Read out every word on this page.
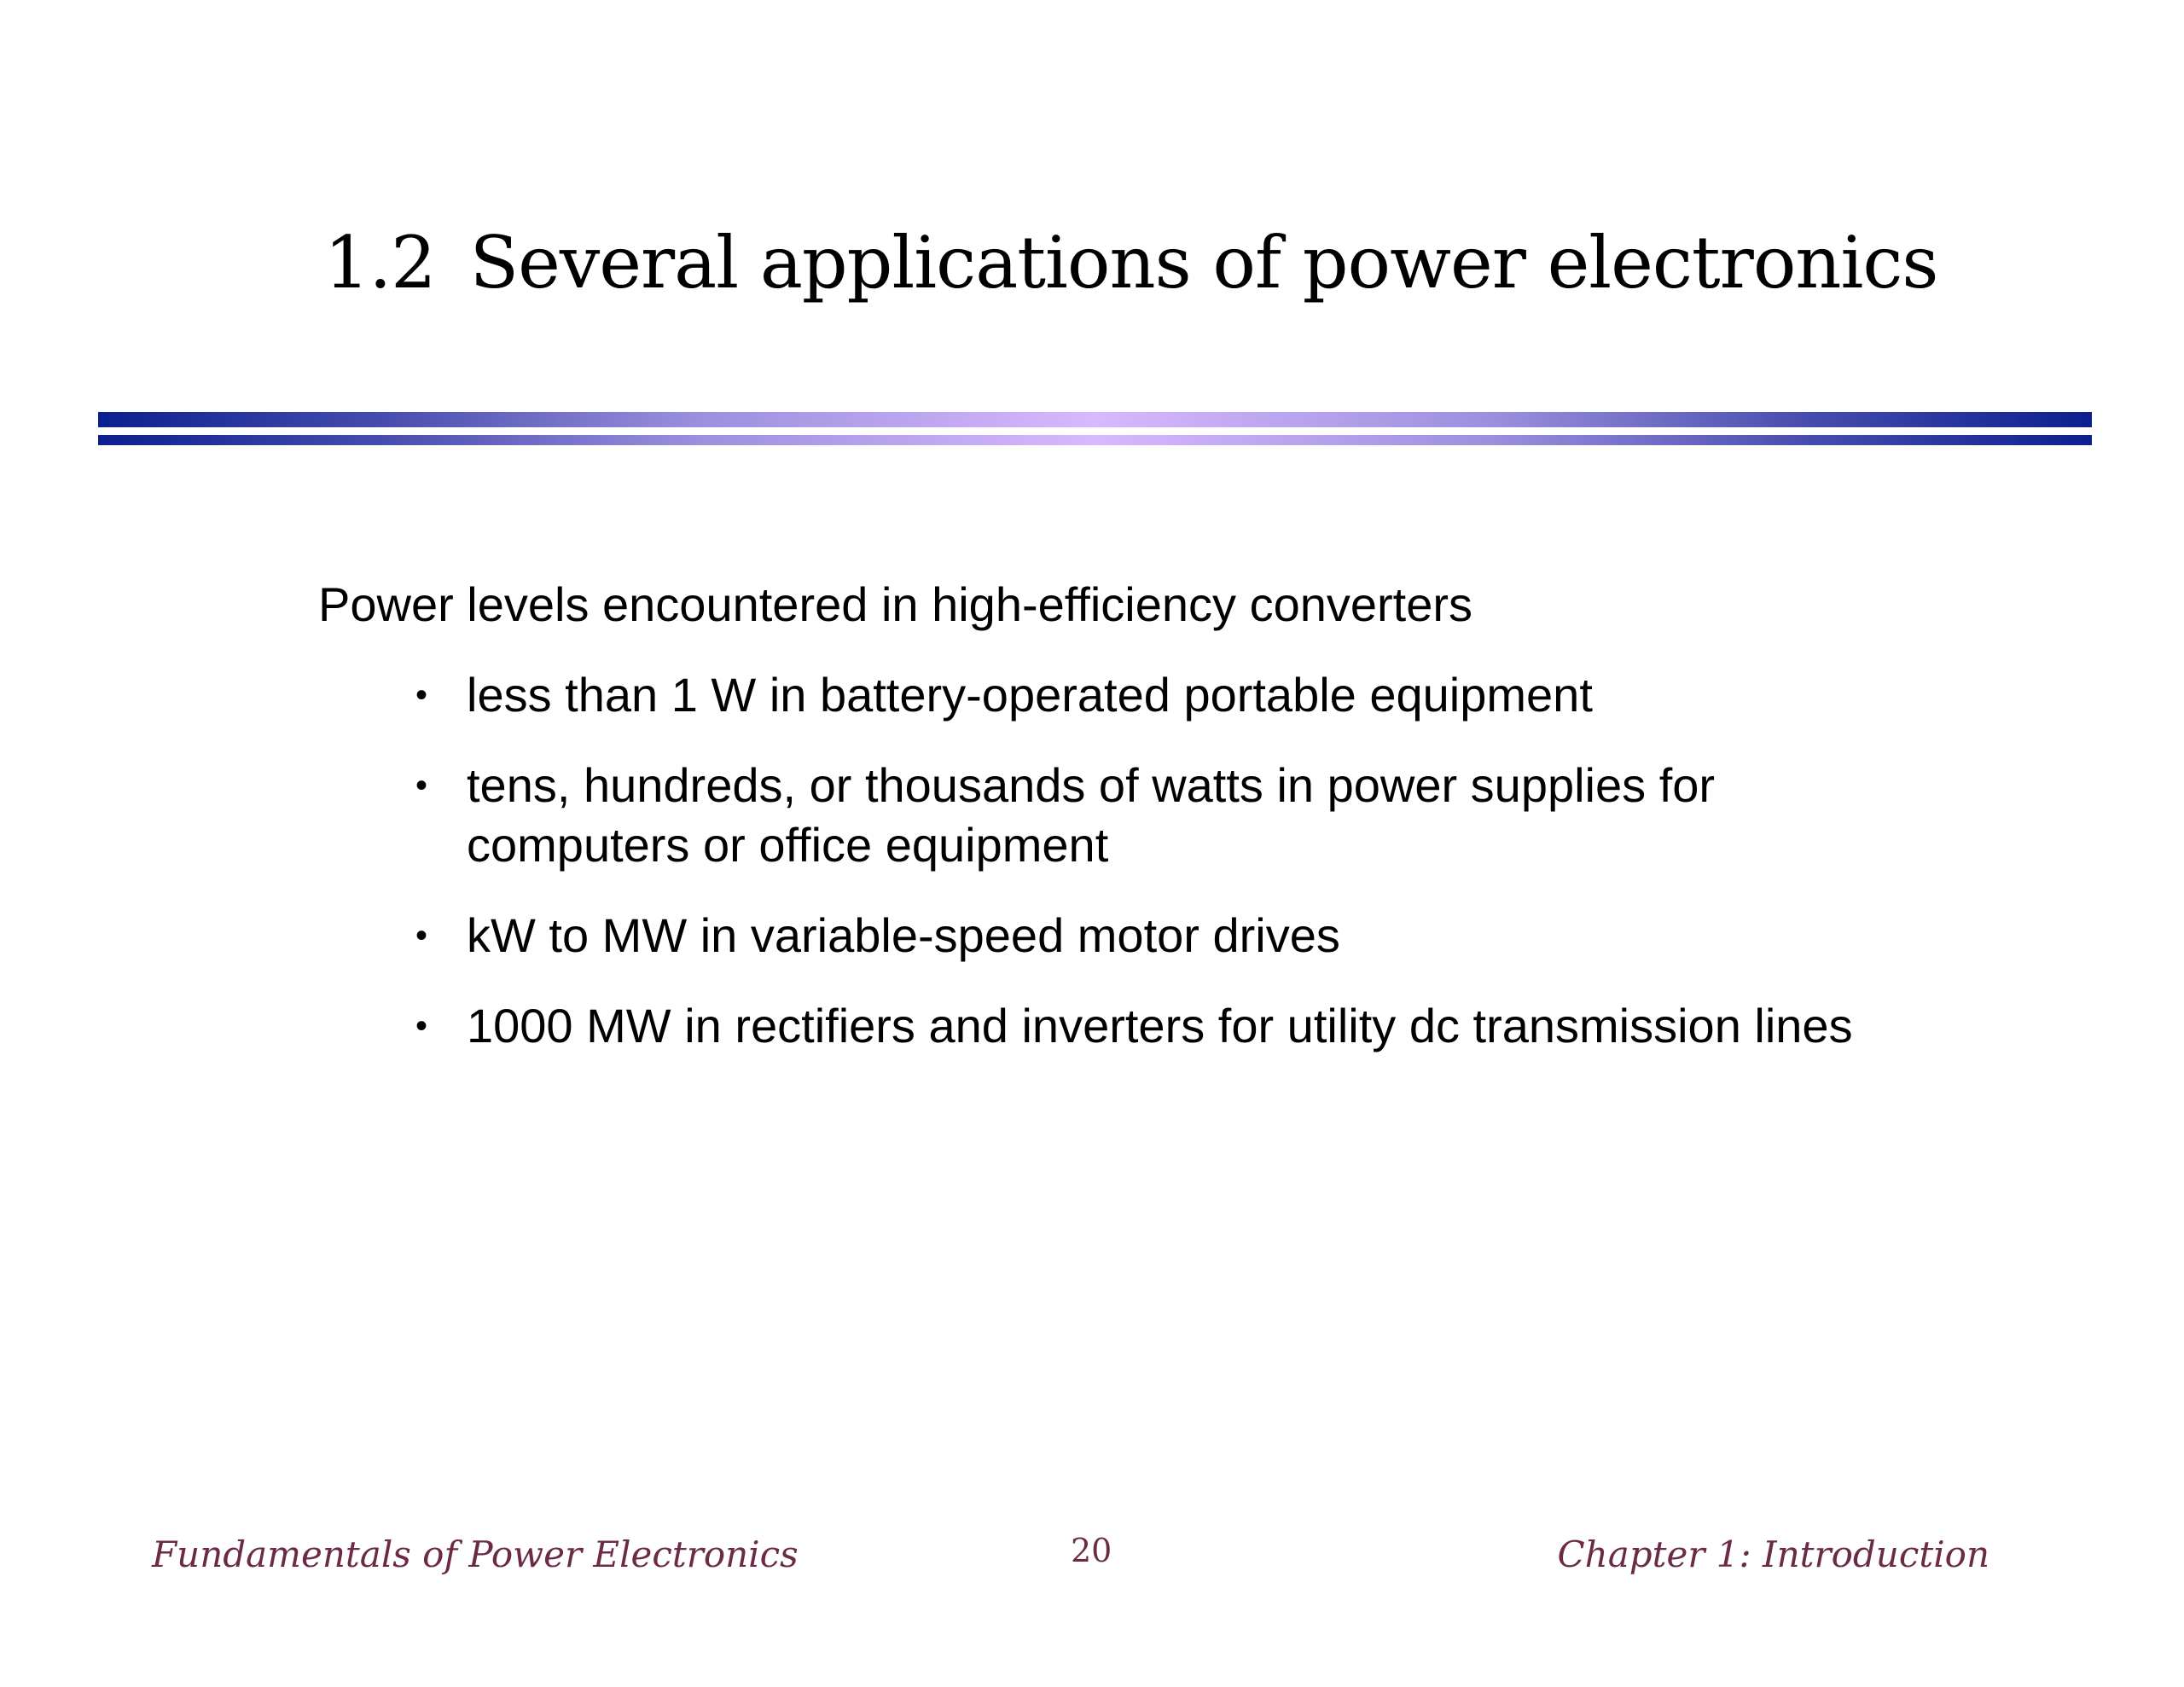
1.2 Several applications of power electronics
Power levels encountered in high-efficiency converters
• less than 1 W in battery-operated portable equipment
• tens, hundreds, or thousands of watts in power supplies for computers or office equipment
• kW to MW in variable-speed motor drives
• 1000 MW in rectifiers and inverters for utility dc transmission lines
Fundamentals of Power Electronics	20	Chapter 1: Introduction
